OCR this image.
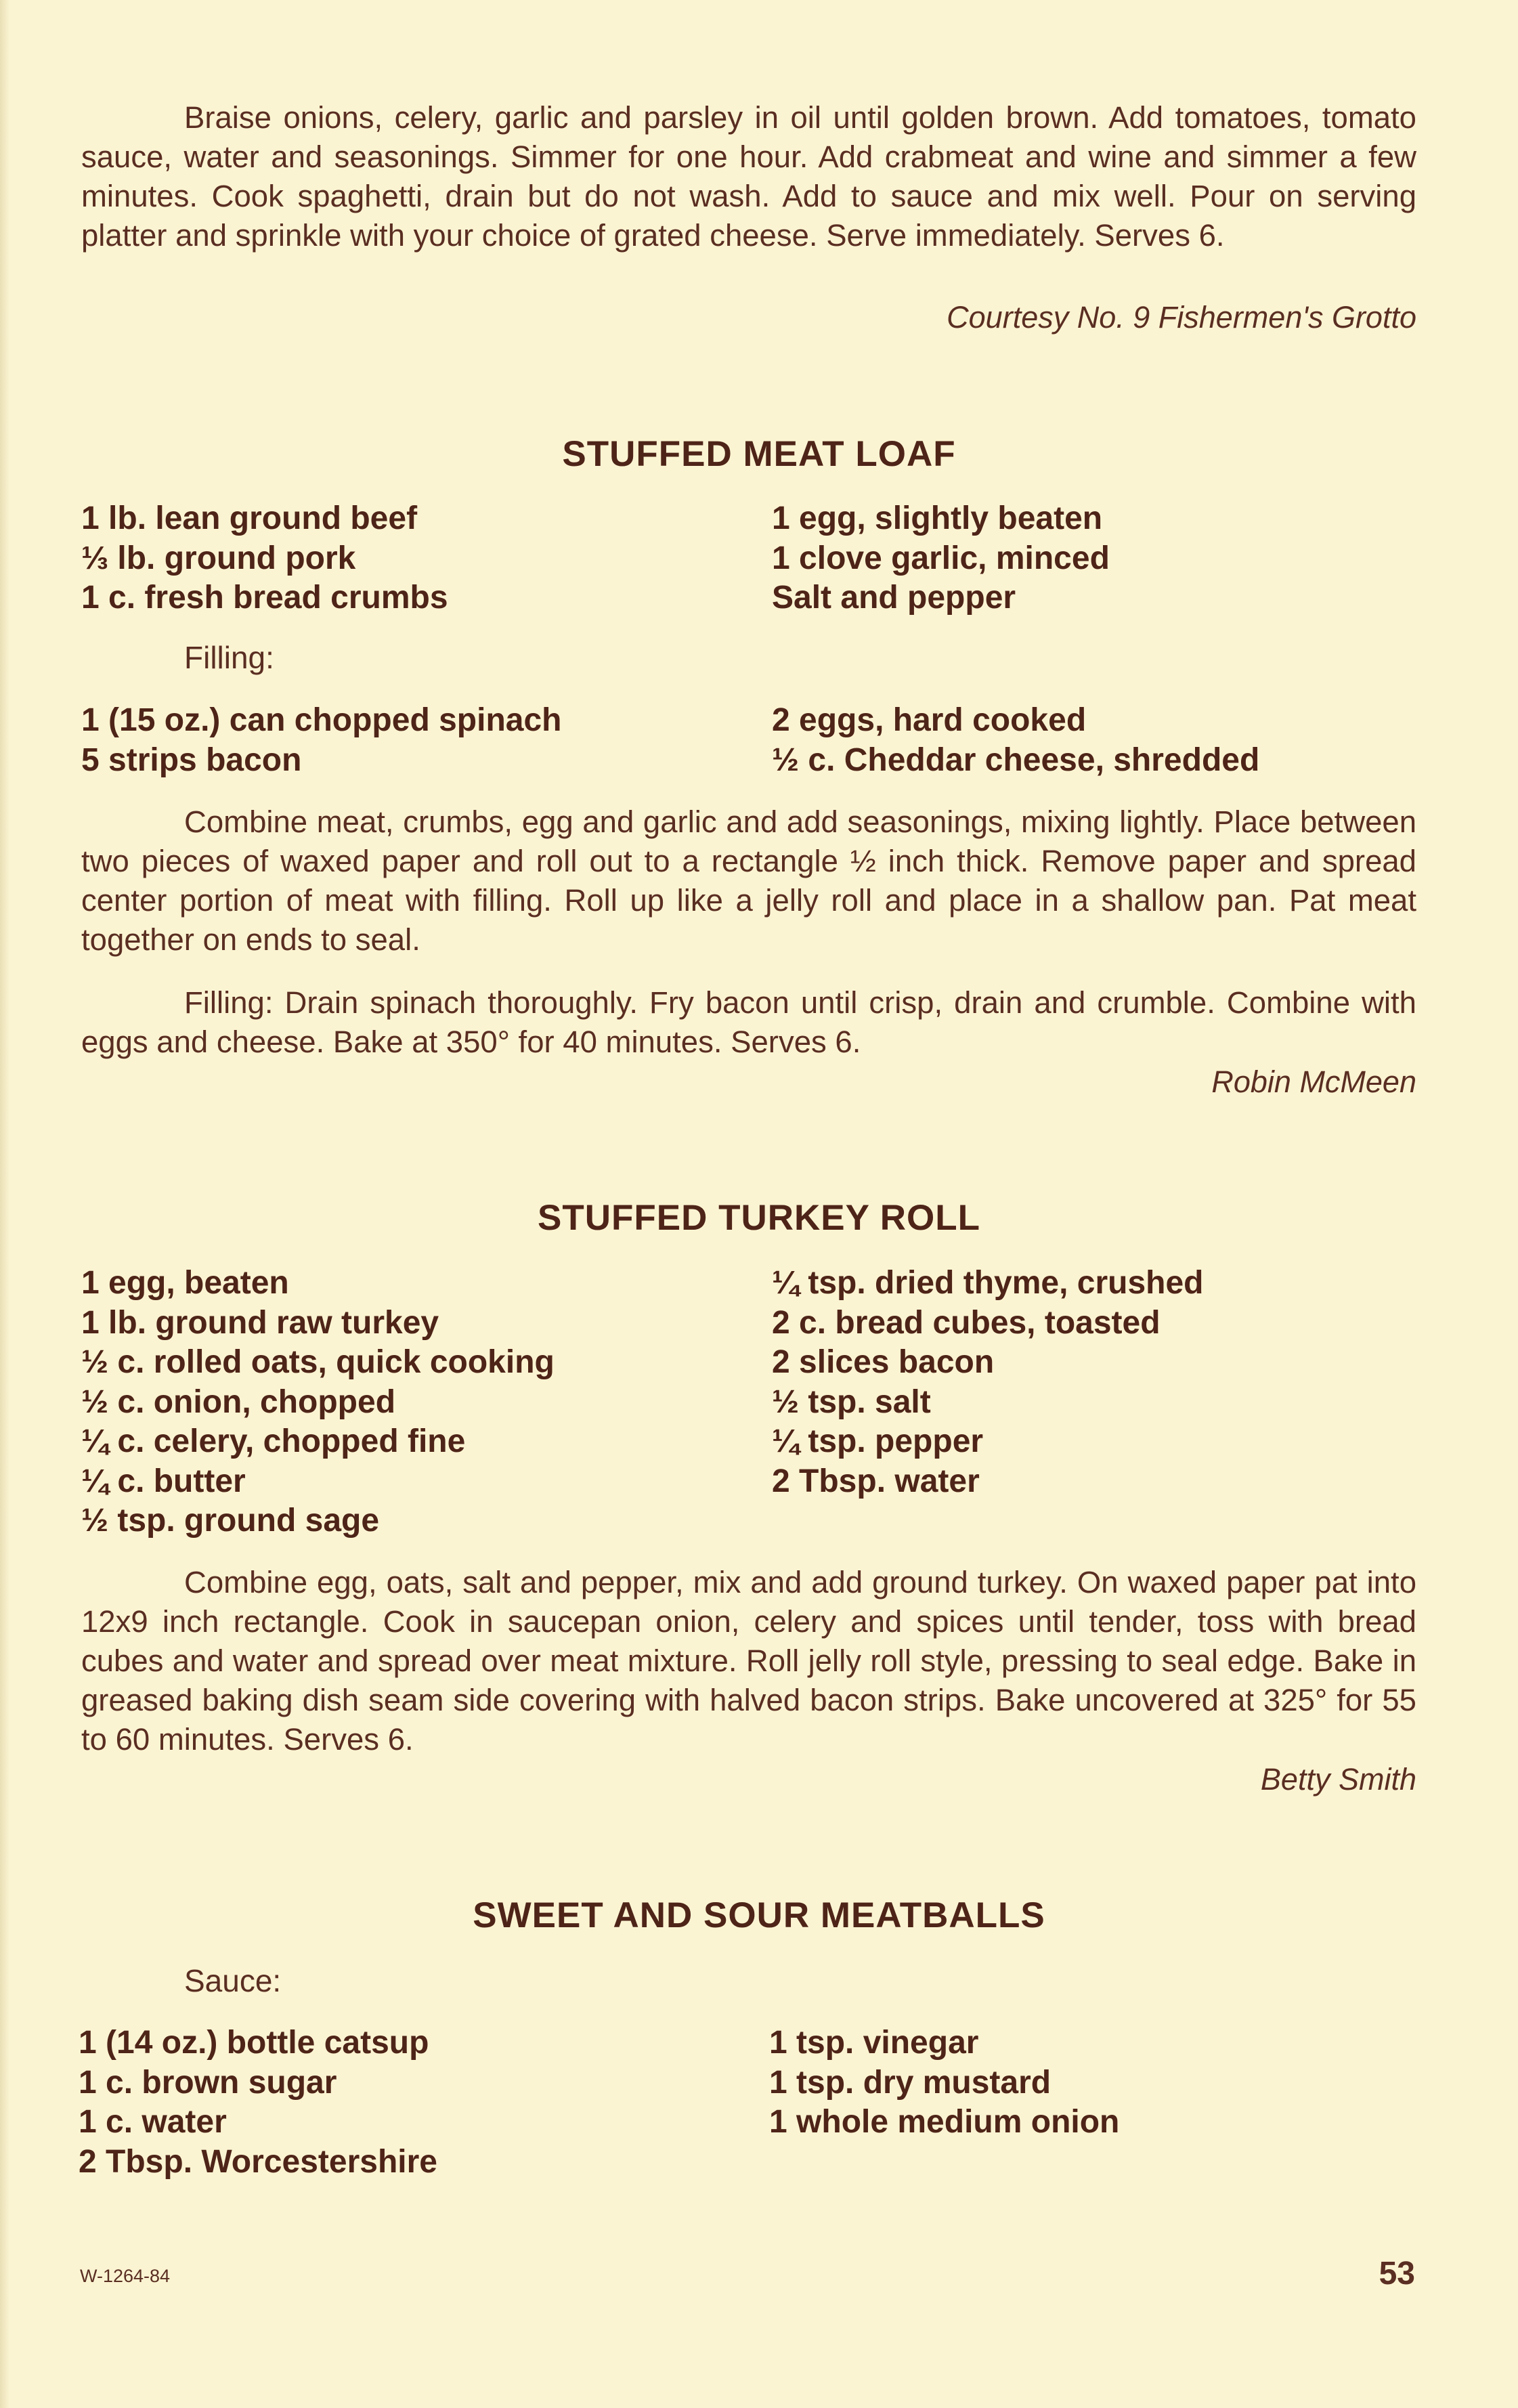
Braise onions, celery, garlic and parsley in oil until golden brown. Add tomatoes, tomato sauce, water and seasonings. Simmer for one hour. Add crabmeat and wine and simmer a few minutes. Cook spaghetti, drain but do not wash. Add to sauce and mix well. Pour on serving platter and sprinkle with your choice of grated cheese. Serve immediately. Serves 6.

Courtesy No. 9 Fishermen's Grotto

STUFFED MEAT LOAF
1 lb. lean ground beef
⅓ lb. ground pork
1 c. fresh bread crumbs
1 egg, slightly beaten
1 clove garlic, minced
Salt and pepper

Filling:

1 (15 oz.) can chopped spinach
5 strips bacon
2 eggs, hard cooked
½ c. Cheddar cheese, shredded

Combine meat, crumbs, egg and garlic and add seasonings, mixing lightly. Place between two pieces of waxed paper and roll out to a rectangle ½ inch thick. Remove paper and spread center portion of meat with filling. Roll up like a jelly roll and place in a shallow pan. Pat meat together on ends to seal.

Filling: Drain spinach thoroughly. Fry bacon until crisp, drain and crumble. Combine with eggs and cheese. Bake at 350° for 40 minutes. Serves 6.

Robin McMeen

STUFFED TURKEY ROLL
1 egg, beaten
1 lb. ground raw turkey
½ c. rolled oats, quick cooking
½ c. onion, chopped
¼ c. celery, chopped fine
¼ c. butter
½ tsp. ground sage
¼ tsp. dried thyme, crushed
2 c. bread cubes, toasted
2 slices bacon
½ tsp. salt
¼ tsp. pepper
2 Tbsp. water

Combine egg, oats, salt and pepper, mix and add ground turkey. On waxed paper pat into 12x9 inch rectangle. Cook in saucepan onion, celery and spices until tender, toss with bread cubes and water and spread over meat mixture. Roll jelly roll style, pressing to seal edge. Bake in greased baking dish seam side covering with halved bacon strips. Bake uncovered at 325° for 55 to 60 minutes. Serves 6.

Betty Smith

SWEET AND SOUR MEATBALLS

Sauce:

1 (14 oz.) bottle catsup
1 c. brown sugar
1 c. water
2 Tbsp. Worcestershire
1 tsp. vinegar
1 tsp. dry mustard
1 whole medium onion

W-1264-84	53
